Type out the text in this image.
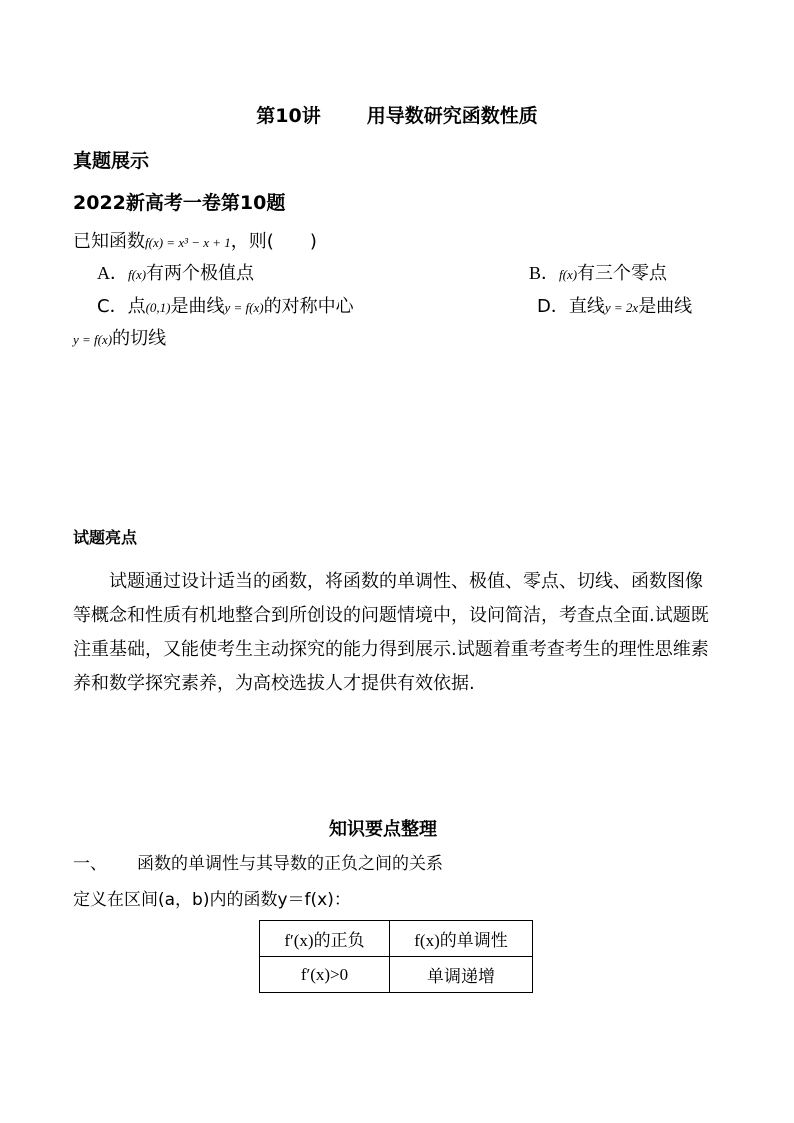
第10讲 用导数研究函数性质
真题展示
2022新高考一卷第10题
已知函数f(x) = x³ − x + 1，则(　　)
A．f(x)有两个极值点	B．f(x)有三个零点
C．点(0,1)是曲线y = f(x)的对称中心	D．直线y = 2x是曲线
y = f(x)的切线
试题亮点
试题通过设计适当的函数，将函数的单调性、极值、零点、切线、函数图像
等概念和性质有机地整合到所创设的问题情境中，设问简洁，考查点全面.试题既
注重基础，又能使考生主动探究的能力得到展示.试题着重考查考生的理性思维素
养和数学探究素养，为高校选拔人才提供有效依据.
知识要点整理
一、 函数的单调性与其导数的正负之间的关系
定义在区间(a，b)内的函数y＝f(x)：
f′(x)的正负	f(x)的单调性
f′(x)>0	单调递增
